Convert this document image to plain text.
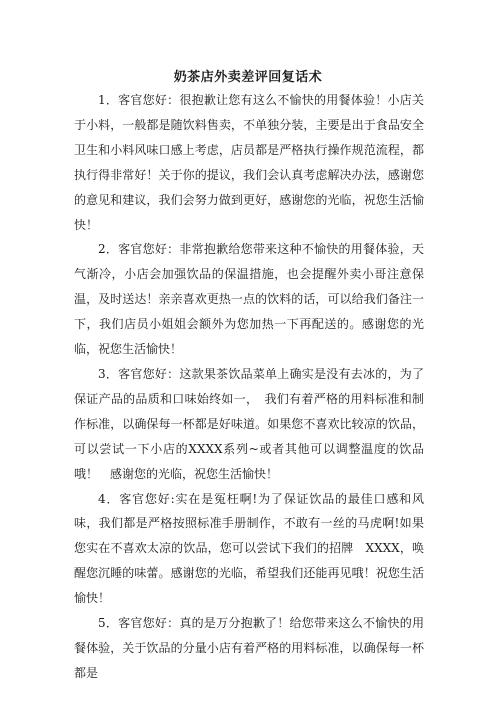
奶茶店外卖差评回复话术

1．客官您好：很抱歉让您有这么不愉快的用餐体验！小店关于小料，一般都是随饮料售卖，不单独分装，主要是出于食品安全卫生和小料风味口感上考虑，店员都是严格执行操作规范流程，都执行得非常好！关于你的提议，我们会认真考虑解决办法，感谢您的意见和建议，我们会努力做到更好，感谢您的光临，祝您生活愉快！

2．客官您好：非常抱歉给您带来这种不愉快的用餐体验，天气渐冷，小店会加强饮品的保温措施，也会提醒外卖小哥注意保温，及时送达！亲亲喜欢更热一点的饮料的话，可以给我们备注一下，我们店员小姐姐会额外为您加热一下再配送的。感谢您的光临，祝您生活愉快！

3．客官您好：这款果茶饮品菜单上确实是没有去冰的，为了保证产品的品质和口味始终如一，　我们有着严格的用料标准和制作标准，以确保每一杯都是好味道。如果您不喜欢比较凉的饮品，可以尝试一下小店的XXXX系列~或者其他可以调整温度的饮品哦！　感谢您的光临，祝您生活愉快！

4．客官您好:实在是冤枉啊!为了保证饮品的最佳口感和风味，我们都是严格按照标准手册制作，不敢有一丝的马虎啊!如果您实在不喜欢太凉的饮品，您可以尝试下我们的招牌　XXXX，唤醒您沉睡的味蕾。感谢您的光临，希望我们还能再见哦！祝您生活愉快！

5．客官您好：真的是万分抱歉了！给您带来这么不愉快的用餐体验，关于饮品的分量小店有着严格的用料标准，以确保每一杯都是
